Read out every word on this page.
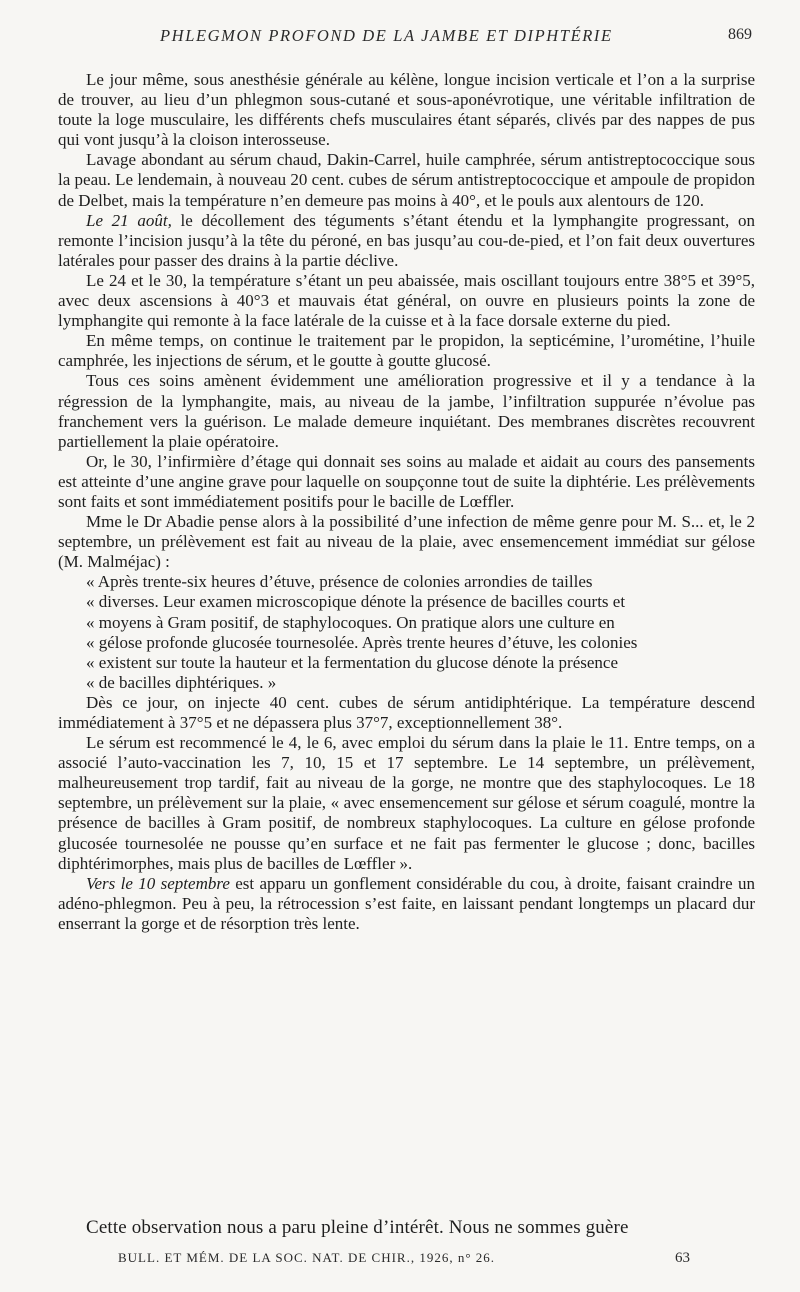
PHLEGMON PROFOND DE LA JAMBE ET DIPHTÉRIE	869

Le jour même, sous anesthésie générale au kélène, longue incision verticale et l’on a la surprise de trouver, au lieu d’un phlegmon sous-cutané et sous-aponévrotique, une véritable infiltration de toute la loge musculaire, les différents chefs musculaires étant séparés, clivés par des nappes de pus qui vont jusqu’à la cloison interosseuse.

Lavage abondant au sérum chaud, Dakin-Carrel, huile camphrée, sérum antistreptococcique sous la peau. Le lendemain, à nouveau 20 cent. cubes de sérum antistreptococcique et ampoule de propidon de Delbet, mais la température n’en demeure pas moins à 40°, et le pouls aux alentours de 120.

Le 21 août, le décollement des téguments s’étant étendu et la lymphangite progressant, on remonte l’incision jusqu’à la tête du péroné, en bas jusqu’au cou-de-pied, et l’on fait deux ouvertures latérales pour passer des drains à la partie déclive.

Le 24 et le 30, la température s’étant un peu abaissée, mais oscillant toujours entre 38°5 et 39°5, avec deux ascensions à 40°3 et mauvais état général, on ouvre en plusieurs points la zone de lymphangite qui remonte à la face latérale de la cuisse et à la face dorsale externe du pied.

En même temps, on continue le traitement par le propidon, la septicémine, l’urométine, l’huile camphrée, les injections de sérum, et le goutte à goutte glucosé.

Tous ces soins amènent évidemment une amélioration progressive et il y a tendance à la régression de la lymphangite, mais, au niveau de la jambe, l’infiltration suppurée n’évolue pas franchement vers la guérison. Le malade demeure inquiétant. Des membranes discrètes recouvrent partiellement la plaie opératoire.

Or, le 30, l’infirmière d’étage qui donnait ses soins au malade et aidait au cours des pansements est atteinte d’une angine grave pour laquelle on soupçonne tout de suite la diphtérie. Les prélèvements sont faits et sont immédiatement positifs pour le bacille de Lœffler.

Mme le Dr Abadie pense alors à la possibilité d’une infection de même genre pour M. S... et, le 2 septembre, un prélèvement est fait au niveau de la plaie, avec ensemencement immédiat sur gélose (M. Malméjac) :

« Après trente-six heures d’étuve, présence de colonies arrondies de tailles

« diverses. Leur examen microscopique dénote la présence de bacilles courts et

« moyens à Gram positif, de staphylocoques. On pratique alors une culture en

« gélose profonde glucosée tournesolée. Après trente heures d’étuve, les colonies

« existent sur toute la hauteur et la fermentation du glucose dénote la présence

« de bacilles diphtériques. »

Dès ce jour, on injecte 40 cent. cubes de sérum antidiphtérique. La température descend immédiatement à 37°5 et ne dépassera plus 37°7, exceptionnellement 38°.

Le sérum est recommencé le 4, le 6, avec emploi du sérum dans la plaie le 11. Entre temps, on a associé l’auto-vaccination les 7, 10, 15 et 17 septembre. Le 14 septembre, un prélèvement, malheureusement trop tardif, fait au niveau de la gorge, ne montre que des staphylocoques. Le 18 septembre, un prélèvement sur la plaie, « avec ensemencement sur gélose et sérum coagulé, montre la présence de bacilles à Gram positif, de nombreux staphylocoques. La culture en gélose profonde glucosée tournesolée ne pousse qu’en surface et ne fait pas fermenter le glucose ; donc, bacilles diphtérimorphes, mais plus de bacilles de Lœffler ».

Vers le 10 septembre est apparu un gonflement considérable du cou, à droite, faisant craindre un adéno-phlegmon. Peu à peu, la rétrocession s’est faite, en laissant pendant longtemps un placard dur enserrant la gorge et de résorption très lente.

Cette observation nous a paru pleine d’intérêt. Nous ne sommes guère
BULL. ET MÉM. DE LA SOC. NAT. DE CHIR., 1926, n° 26.	63
